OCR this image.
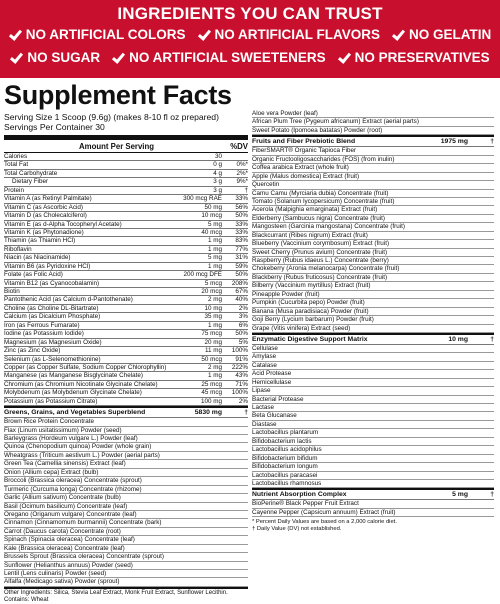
INGREDIENTS YOU CAN TRUST
NO ARTIFICIAL COLORS NO ARTIFICIAL FLAVORS NO GELATIN
NO SUGAR NO ARTIFICIAL SWEETENERS NO PRESERVATIVES
Supplement Facts
Serving Size 1 Scoop (9.6g) (makes 8-10 fl oz prepared)
Servings Per Container 30
Amount Per Serving	%DV
Calories	30
Total Fat	0 g	0%*
Total Carbohydrate	4 g	2%*
Dietary Fiber	3 g	9%*
Protein	3 g	†
Vitamin A (as Retinyl Palmitate)	300 mcg RAE	33%
Vitamin C (as Ascorbic Acid)	50 mg	56%
Vitamin D (as Cholecalciferol)	10 mcg	50%
Vitamin E (as d-Alpha Tocopheryl Acetate)	5 mg	33%
Vitamin K (as Phytonadione)	40 mcg	33%
Thiamin (as Thiamin HCl)	1 mg	83%
Riboflavin	1 mg	77%
Niacin (as Niacinamide)	5 mg	31%
Vitamin B6 (as Pyridoxine HCl)	1 mg	59%
Folate (as Folic Acid)	200 mcg DFE	50%
Vitamin B12 (as Cyanocobalamin)	5 mcg	208%
Biotin	20 mcg	67%
Pantothenic Acid (as Calcium d-Pantothenate)	2 mg	40%
Choline (as Choline DL-Bitartrate)	10 mg	2%
Calcium (as Dicalcium Phosphate)	35 mg	3%
Iron (as Ferrous Fumarate)	1 mg	6%
Iodine (as Potassium Iodide)	75 mcg	50%
Magnesium (as Magnesium Oxide)	20 mg	5%
Zinc (as Zinc Oxide)	11 mg	100%
Selenium (as L-Selenomethionine)	50 mcg	91%
Copper (as Copper Sulfate, Sodium Copper Chlorophyllin)	2 mg	222%
Manganese (as Manganese Bisglycinate Chelate)	1 mg	43%
Chromium (as Chromium Nicotinate Glycinate Chelate)	25 mcg	71%
Molybdenum (as Molybdenum Glycinate Chelate)	45 mcg	100%
Potassium (as Potassium Citrate)	100 mg	2%
Greens, Grains, and Vegetables Superblend	5830 mg	†
Brown Rice Protein Concentrate
Flax (Linum usitatissimum) Powder (seed)
Barleygrass (Hordeum vulgare L.) Powder (leaf)
Quinoa (Chenopodium quinoa) Powder (whole grain)
Wheatgrass (Triticum aestivum L.) Powder (aerial parts)
Green Tea (Camellia sinensis) Extract (leaf)
Onion (Allium cepa) Extract (bulb)
Broccoli (Brassica oleracea) Concentrate (sprout)
Turmeric (Curcuma longa) Concentrate (rhizome)
Garlic (Allium sativum) Concentrate (bulb)
Basil (Ocimum basilicum) Concentrate (leaf)
Oregano (Origanum vulgare) Concentrate (leaf)
Cinnamon (Cinnamomum burmannii) Concentrate (bark)
Carrot (Daucus carota) Concentrate (root)
Spinach (Spinacia oleracea) Concentrate (leaf)
Kale (Brassica oleracea) Concentrate (leaf)
Brussels Sprout (Brassica oleracea) Concentrate (sprout)
Sunflower (Helianthus annuus) Powder (seed)
Lentil (Lens culinaris) Powder (seed)
Alfalfa (Medicago sativa) Powder (sprout)
Other Ingredients: Silica, Stevia Leaf Extract, Monk Fruit Extract, Sunflower Lecithin. Contains: Wheat
Aloe vera Powder (leaf)
African Plum Tree (Pygeum africanum) Extract (aerial parts)
Sweet Potato (Ipomoea batatas) Powder (root)
Fruits and Fiber Prebiotic Blend	1975 mg	†
FiberSMART® Organic Tapioca Fiber
Organic Fructooligosaccharides (FOS) (from inulin)
Coffea arabica Extract (whole fruit)
Apple (Malus domestica) Extract (fruit)
Quercetin
Camu Camu (Myrciaria dubia) Concentrate (fruit)
Tomato (Solanum lycopersicum) Concentrate (fruit)
Acerola (Malpighia emarginata) Extract (fruit)
Elderberry (Sambucus nigra) Concentrate (fruit)
Mangosteen (Garcinia mangostana) Concentrate (fruit)
Blackcurrant (Ribes nigrum) Extract (fruit)
Blueberry (Vaccinium corymbosum) Extract (fruit)
Sweet Cherry (Prunus avium) Concentrate (fruit)
Raspberry (Rubus idaeus L.) Concentrate (berry)
Chokeberry (Aronia melanocarpa) Concentrate (fruit)
Blackberry (Rubus fruticosus) Concentrate (fruit)
Bilberry (Vaccinium myrtillus) Extract (fruit)
Pineapple Powder (fruit)
Pumpkin (Cucurbita pepo) Powder (fruit)
Banana (Musa paradisiaca) Powder (fruit)
Goji Berry (Lycium barbarum) Powder (fruit)
Grape (Vitis vinifera) Extract (seed)
Enzymatic Digestive Support Matrix	10 mg	†
Cellulase
Amylase
Catalase
Acid Protease
Hemicellulase
Lipase
Bacterial Protease
Lactase
Beta Glucanase
Diastase
Lactobacillus plantarum
Bifidobacterium lactis
Lactobacillus acidophilus
Bifidobacterium bifidum
Bifidobacterium longum
Lactobacillus paracasei
Lactobacillus rhamnosus
Nutrient Absorption Complex	5 mg	†
BioPerine® Black Pepper Fruit Extract
Cayenne Pepper (Capsicum annuum) Extract (fruit)
* Percent Daily Values are based on a 2,000 calorie diet.
† Daily Value (DV) not established.
